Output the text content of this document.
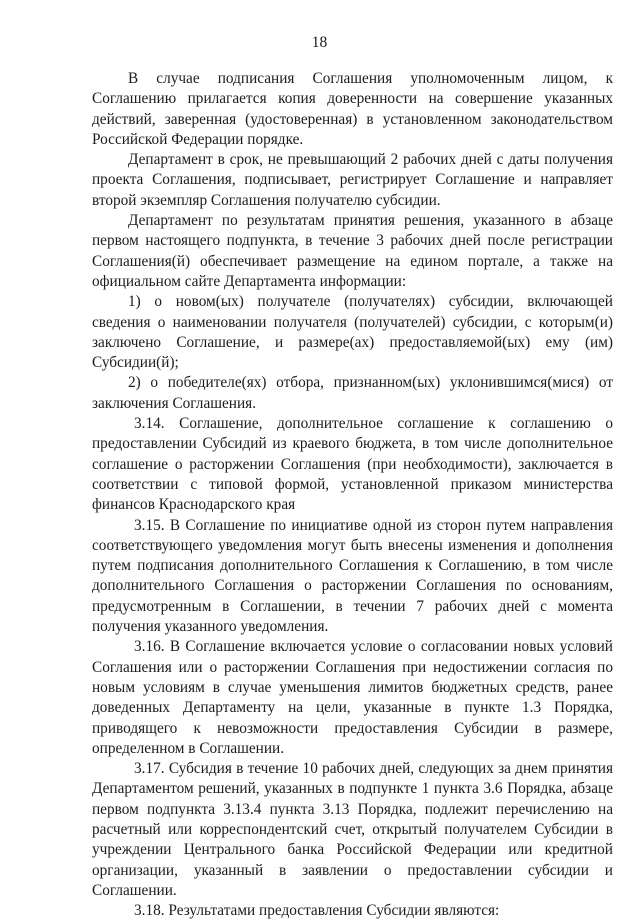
18

В случае подписания Соглашения уполномоченным лицом, к Соглашению прилагается копия доверенности на совершение указанных действий, заверенная (удостоверенная) в установленном законодательством Российской Федерации порядке.

Департамент в срок, не превышающий 2 рабочих дней с даты получения проекта Соглашения, подписывает, регистрирует Соглашение и направляет второй экземпляр Соглашения получателю субсидии.

Департамент по результатам принятия решения, указанного в абзаце первом настоящего подпункта, в течение 3 рабочих дней после регистрации Соглашения(й) обеспечивает размещение на едином портале, а также на официальном сайте Департамента информации:

1) о новом(ых) получателе (получателях) субсидии, включающей сведения о наименовании получателя (получателей) субсидии, с которым(и) заключено Соглашение, и размере(ах) предоставляемой(ых) ему (им) Субсидии(й);

2) о победителе(ях) отбора, признанном(ых) уклонившимся(мися) от заключения Соглашения.

3.14. Соглашение, дополнительное соглашение к соглашению о предоставлении Субсидий из краевого бюджета, в том числе дополнительное соглашение о расторжении Соглашения (при необходимости), заключается в соответствии с типовой формой, установленной приказом министерства финансов Краснодарского края

3.15. В Соглашение по инициативе одной из сторон путем направления соответствующего уведомления могут быть внесены изменения и дополнения путем подписания дополнительного Соглашения к Соглашению, в том числе дополнительного Соглашения о расторжении Соглашения по основаниям, предусмотренным в Соглашении, в течении 7 рабочих дней с момента получения указанного уведомления.

3.16. В Соглашение включается условие о согласовании новых условий Соглашения или о расторжении Соглашения при недостижении согласия по новым условиям в случае уменьшения лимитов бюджетных средств, ранее доведенных Департаменту на цели, указанные в пункте 1.3 Порядка, приводящего к невозможности предоставления Субсидии в размере, определенном в Соглашении.

3.17. Субсидия в течение 10 рабочих дней, следующих за днем принятия Департаментом решений, указанных в подпункте 1 пункта 3.6 Порядка, абзаце первом подпункта 3.13.4 пункта 3.13 Порядка, подлежит перечислению на расчетный или корреспондентский счет, открытый получателем Субсидии в учреждении Центрального банка Российской Федерации или кредитной организации, указанный в заявлении о предоставлении субсидии и Соглашении.

3.18. Результатами предоставления Субсидии являются:
